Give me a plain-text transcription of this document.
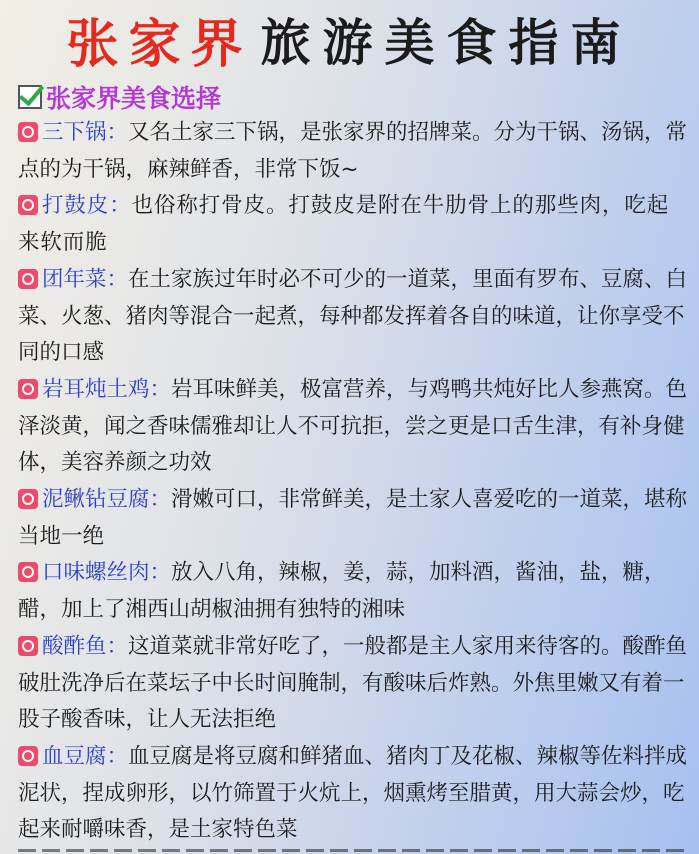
张家界 旅游美食指南
张家界美食选择

三下锅：又名土家三下锅，是张家界的招牌菜。分为干锅、汤锅，常点的为干锅，麻辣鲜香，非常下饭~

打鼓皮：也俗称打骨皮。打鼓皮是附在牛肋骨上的那些肉，吃起来软而脆

团年菜：在土家族过年时必不可少的一道菜，里面有罗布、豆腐、白菜、火葱、猪肉等混合一起煮，每种都发挥着各自的味道，让你享受不同的口感

岩耳炖土鸡：岩耳味鲜美，极富营养，与鸡鸭共炖好比人参燕窝。色泽淡黄，闻之香味儒雅却让人不可抗拒，尝之更是口舌生津，有补身健体，美容养颜之功效

泥鳅钻豆腐：滑嫩可口，非常鲜美，是土家人喜爱吃的一道菜，堪称当地一绝

口味螺丝肉：放入八角，辣椒，姜，蒜，加料酒，酱油，盐，糖，醋，加上了湘西山胡椒油拥有独特的湘味

酸酢鱼：这道菜就非常好吃了，一般都是主人家用来待客的。酸酢鱼破肚洗净后在菜坛子中长时间腌制，有酸味后炸熟。外焦里嫩又有着一股子酸香味，让人无法拒绝

血豆腐：血豆腐是将豆腐和鲜猪血、猪肉丁及花椒、辣椒等佐料拌成泥状，捏成卵形，以竹筛置于火炕上，烟熏烤至腊黄，用大蒜会炒，吃起来耐嚼味香，是土家特色菜
